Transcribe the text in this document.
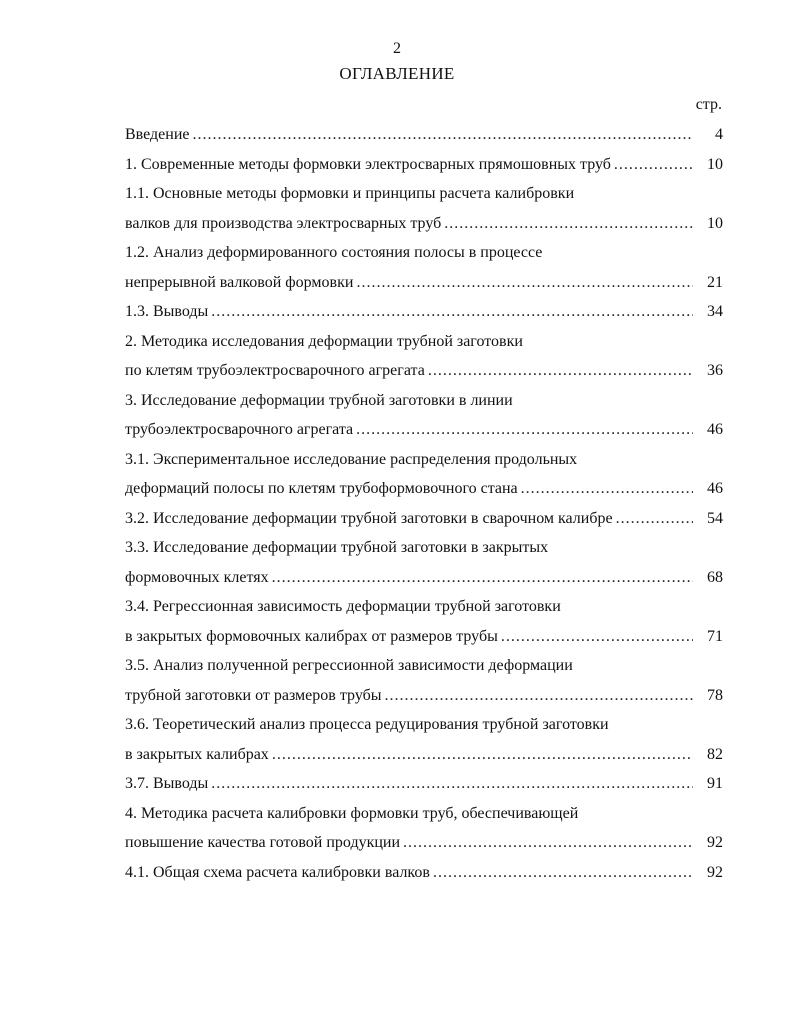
2
ОГЛАВЛЕНИЕ
стр.
Введение .....	4
1. Современные методы формовки электросварных прямошовных труб .....	10
1.1. Основные методы формовки и принципы расчета калибровки
валков для производства электросварных труб .....	10
1.2. Анализ деформированного состояния полосы в процессе
непрерывной валковой формовки .....	21
1.3. Выводы .....	34
2. Методика исследования деформации трубной заготовки
по клетям трубоэлектросварочного агрегата .....	36
3. Исследование деформации трубной заготовки в линии
трубоэлектросварочного агрегата .....	46
3.1. Экспериментальное исследование распределения продольных
деформаций полосы по клетям трубоформовочного стана .....	46
3.2. Исследование деформации трубной заготовки в сварочном калибре .....	54
3.3. Исследование деформации трубной заготовки в закрытых
формовочных клетях .....	68
3.4. Регрессионная зависимость деформации трубной заготовки
в закрытых формовочных калибрах от размеров трубы .....	71
3.5. Анализ полученной регрессионной зависимости деформации
трубной заготовки от размеров трубы .....	78
3.6. Теоретический анализ процесса редуцирования трубной заготовки
в закрытых калибрах .....	82
3.7. Выводы .....	91
4. Методика расчета калибровки формовки труб, обеспечивающей
повышение качества готовой продукции .....	92
4.1. Общая схема расчета калибровки валков .....	92
